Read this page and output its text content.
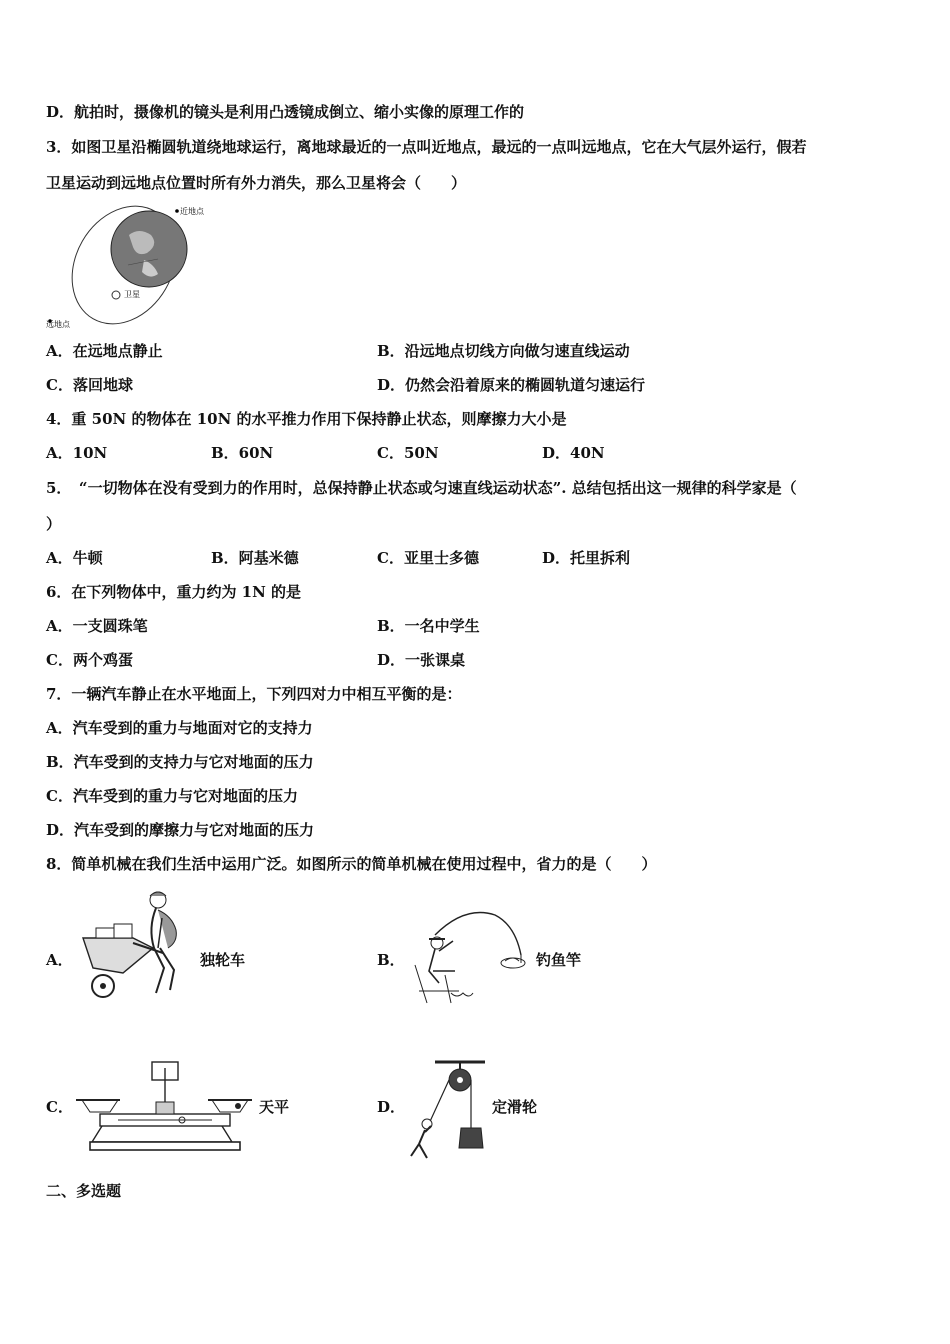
D．航拍时，摄像机的镜头是利用凸透镜成倒立、缩小实像的原理工作的
3．如图卫星沿椭圆轨道绕地球运行，离地球最近的一点叫近地点，最远的一点叫远地点，它在大气层外运行，假若
卫星运动到远地点位置时所有外力消失，那么卫星将会（　　）
近地点
远地点
卫星
A．在远地点静止	B．沿远地点切线方向做匀速直线运动
C．落回地球	D．仍然会沿着原来的椭圆轨道匀速运行
4．重 50N 的物体在 10N 的水平推力作用下保持静止状态，则摩擦力大小是
A．10N	B．60N	C．50N	D．40N
5．　“一切物体在没有受到力的作用时，总保持静止状态或匀速直线运动状态”. 总结包括出这一规律的科学家是（
）
A．牛顿	B．阿基米德	C．亚里士多德	D．托里拆利
6．在下列物体中，重力约为 1N 的是
A．一支圆珠笔	B．一名中学生
C．两个鸡蛋	D．一张课桌
7．一辆汽车静止在水平地面上，下列四对力中相互平衡的是：
A．汽车受到的重力与地面对它的支持力
B．汽车受到的支持力与它对地面的压力
C．汽车受到的重力与它对地面的压力
D．汽车受到的摩擦力与它对地面的压力
8．简单机械在我们生活中运用广泛。如图所示的简单机械在使用过程中，省力的是（　　）
A．	独轮车	B．	钓鱼竿
C．	天平	D．	定滑轮
二、多选题
